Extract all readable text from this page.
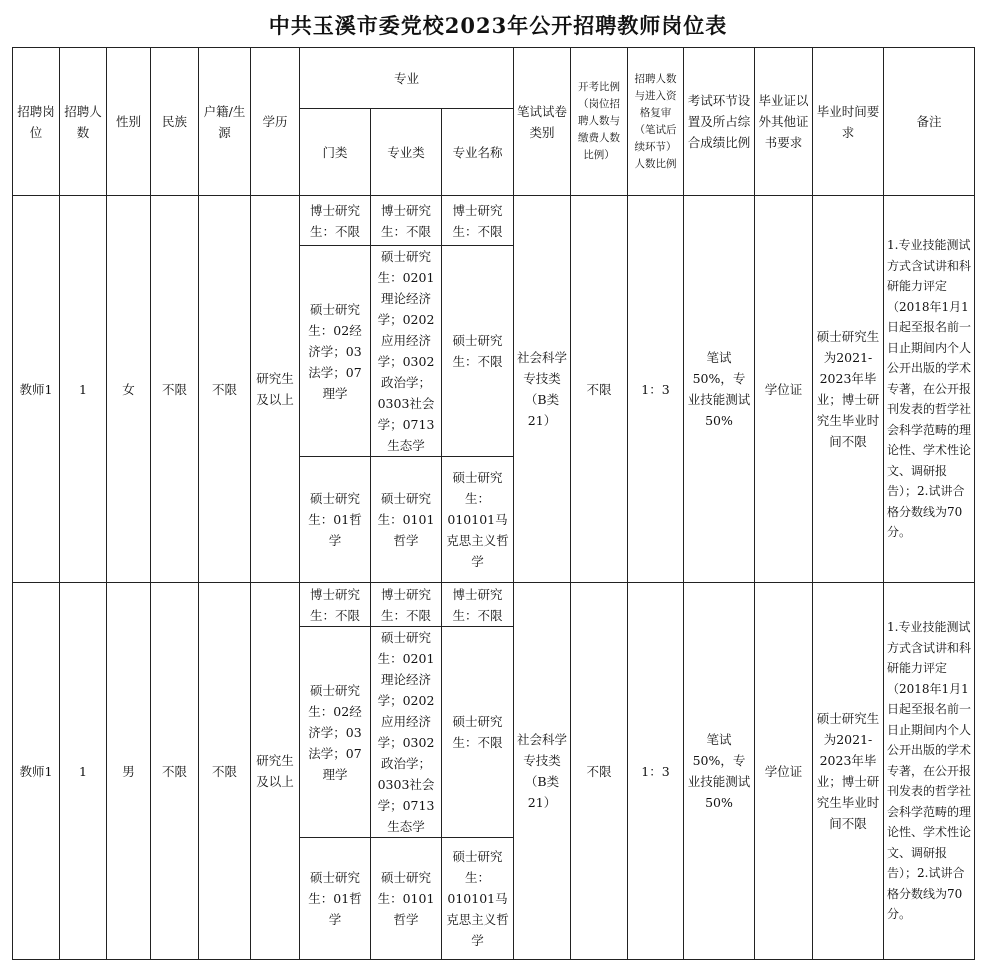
中共玉溪市委党校2023年公开招聘教师岗位表
招聘岗位	招聘人数	性别	民族	户籍/生源	学历	专业			笔试试卷类别	开考比例（岗位招聘人数与缴费人数比例）	招聘人数与进入资格复审（笔试后续环节）人数比例	考试环节设置及所占综合成绩比例	毕业证以外其他证书要求	毕业时间要求	备注
						门类	专业类	专业名称							
教师1	1	女	不限	不限	研究生及以上	博士研究生：不限	博士研究生：不限	博士研究生：不限	社会科学专技类（B类21）	不限	1：3	笔试50%，专业技能测试50%	学位证	硕士研究生为2021-2023年毕业；博士研究生毕业时间不限	1.专业技能测试方式含试讲和科研能力评定（2018年1月1日起至报名前一日止期间内个人公开出版的学术专著，在公开报刊发表的哲学社会科学范畴的理论性、学术性论文、调研报告）；2.试讲合格分数线为70分。
						硕士研究生：02经济学；03法学；07理学	硕士研究生：0201理论经济学；0202应用经济学；0302政治学；0303社会学；0713生态学	硕士研究生：不限							
						硕士研究生：01哲学	硕士研究生：0101哲学	硕士研究生：010101马克思主义哲学							
教师1	1	男	不限	不限	研究生及以上	博士研究生：不限	博士研究生：不限	博士研究生：不限	社会科学专技类（B类21）	不限	1：3	笔试50%，专业技能测试50%	学位证	硕士研究生为2021-2023年毕业；博士研究生毕业时间不限	1.专业技能测试方式含试讲和科研能力评定（2018年1月1日起至报名前一日止期间内个人公开出版的学术专著，在公开报刊发表的哲学社会科学范畴的理论性、学术性论文、调研报告）；2.试讲合格分数线为70分。
						硕士研究生：02经济学；03法学；07理学	硕士研究生：0201理论经济学；0202应用经济学；0302政治学；0303社会学；0713生态学	硕士研究生：不限							
						硕士研究生：01哲学	硕士研究生：0101哲学	硕士研究生：010101马克思主义哲学							
